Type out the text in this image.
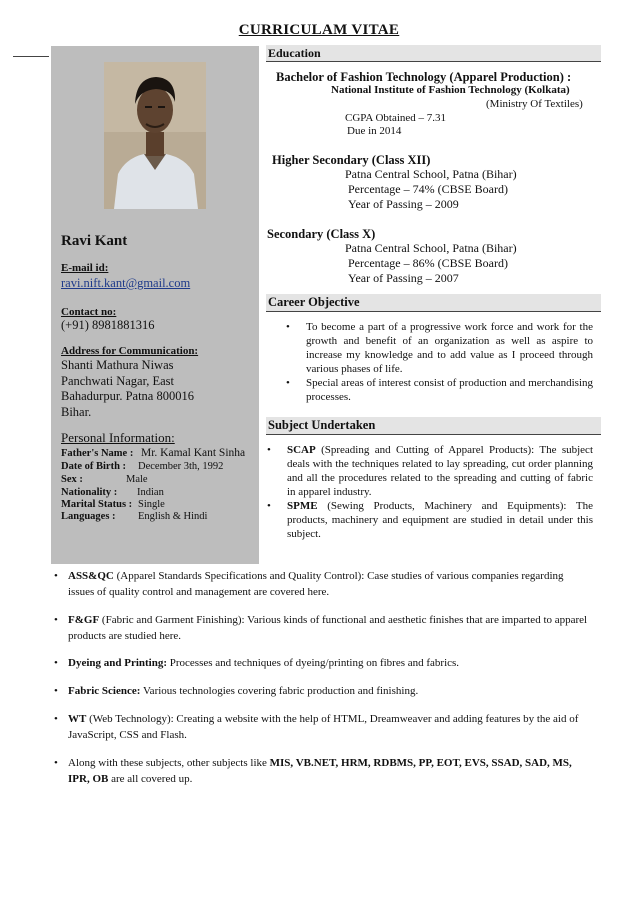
CURRICULAM VITAE
Ravi Kant
E-mail id:
ravi.nift.kant@gmail.com
Contact no:
(+91) 8981881316
Address for Communication:
Shanti Mathura Niwas
Panchwati Nagar, East
Bahadurpur. Patna 800016
Bihar.
Personal Information:
Father's Name : Mr. Kamal Kant Sinha
Date of Birth : December 3th, 1992
Sex :	Male
Nationality : Indian
Marital Status : Single
Languages : English & Hindi
Education
Bachelor of Fashion Technology (Apparel Production) :
National Institute of Fashion Technology (Kolkata)
(Ministry Of Textiles)
CGPA Obtained – 7.31
Due in 2014
Higher Secondary (Class XII)
Patna Central School, Patna (Bihar)
Percentage – 74% (CBSE Board)
Year of Passing – 2009
Secondary (Class X)
Patna Central School, Patna (Bihar)
Percentage – 86% (CBSE Board)
Year of Passing – 2007
Career Objective
• To become a part of a progressive work force and work for the growth and benefit of an organization as well as aspire to increase my knowledge and to add value as I proceed through various phases of life.
• Special areas of interest consist of production and merchandising processes.
Subject Undertaken
• SCAP (Spreading and Cutting of Apparel Products): The subject deals with the techniques related to lay spreading, cut order planning and all the procedures related to the spreading and cutting of fabric in apparel industry.
• SPME (Sewing Products, Machinery and Equipments): The products, machinery and equipment are studied in detail under this subject.
• ASS&QC (Apparel Standards Specifications and Quality Control): Case studies of various companies regarding issues of quality control and management are covered here.
• F&GF (Fabric and Garment Finishing): Various kinds of functional and aesthetic finishes that are imparted to apparel products are studied here.
• Dyeing and Printing: Processes and techniques of dyeing/printing on fibres and fabrics.
• Fabric Science: Various technologies covering fabric production and finishing.
• WT (Web Technology): Creating a website with the help of HTML, Dreamweaver and adding features by the aid of JavaScript, CSS and Flash.
• Along with these subjects, other subjects like MIS, VB.NET, HRM, RDBMS, PP, EOT, EVS, SSAD, SAD, MS, IPR, OB are all covered up.
